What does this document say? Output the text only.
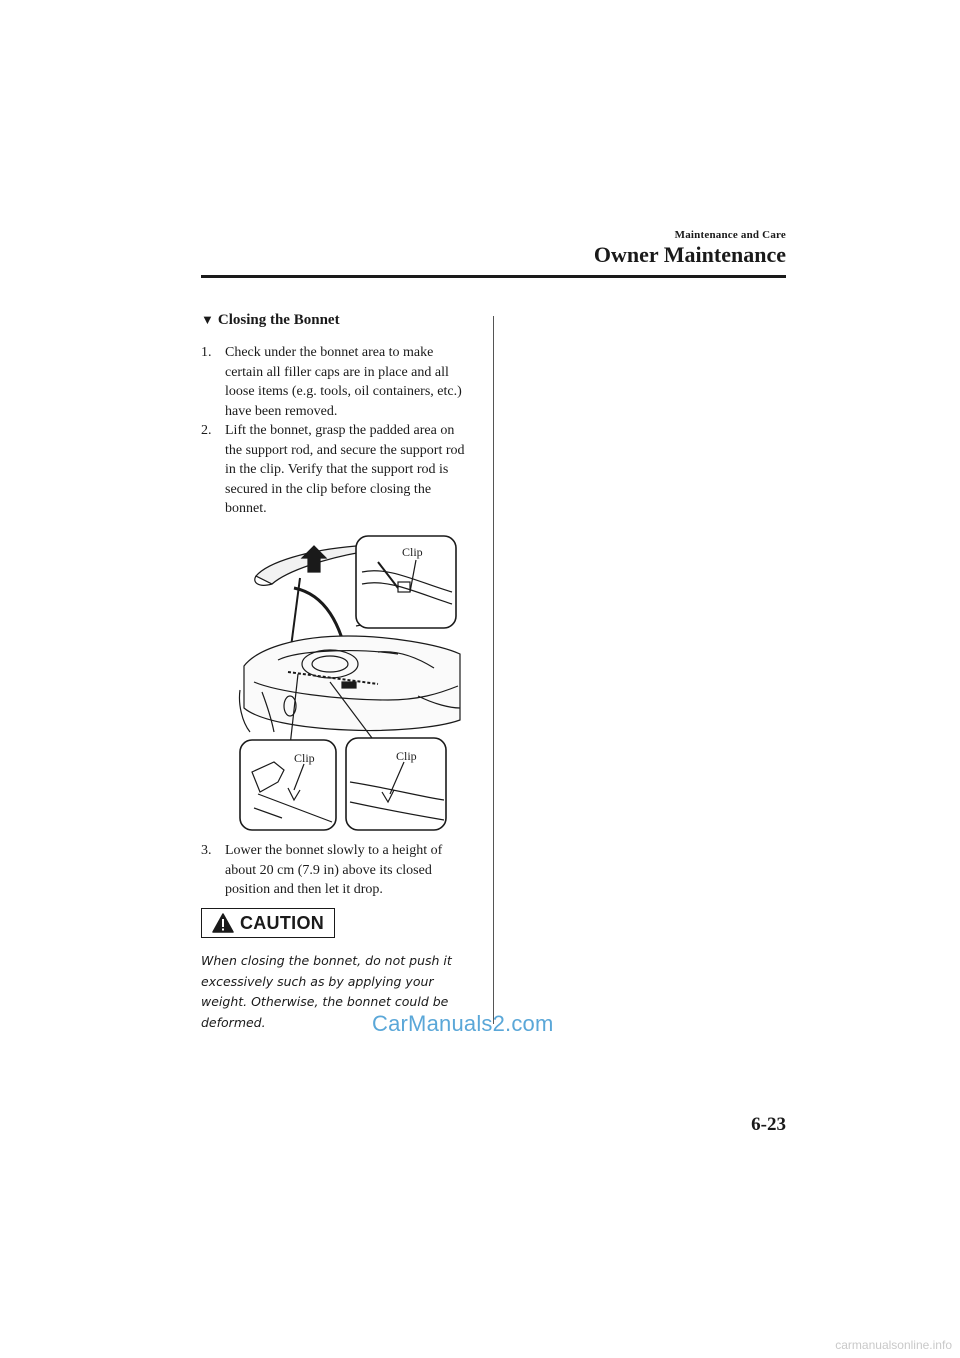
Maintenance and Care
Owner Maintenance
▼ Closing the Bonnet
1. Check under the bonnet area to make certain all filler caps are in place and all loose items (e.g. tools, oil containers, etc.) have been removed.
2. Lift the bonnet, grasp the padded area on the support rod, and secure the support rod in the clip. Verify that the support rod is secured in the clip before closing the bonnet.
Clip
Clip	Clip
3. Lower the bonnet slowly to a height of about 20 cm (7.9 in) above its closed position and then let it drop.
CAUTION
When closing the bonnet, do not push it excessively such as by applying your weight. Otherwise, the bonnet could be deformed.	CarManuals2.com
6-23
carmanualsonline.info
